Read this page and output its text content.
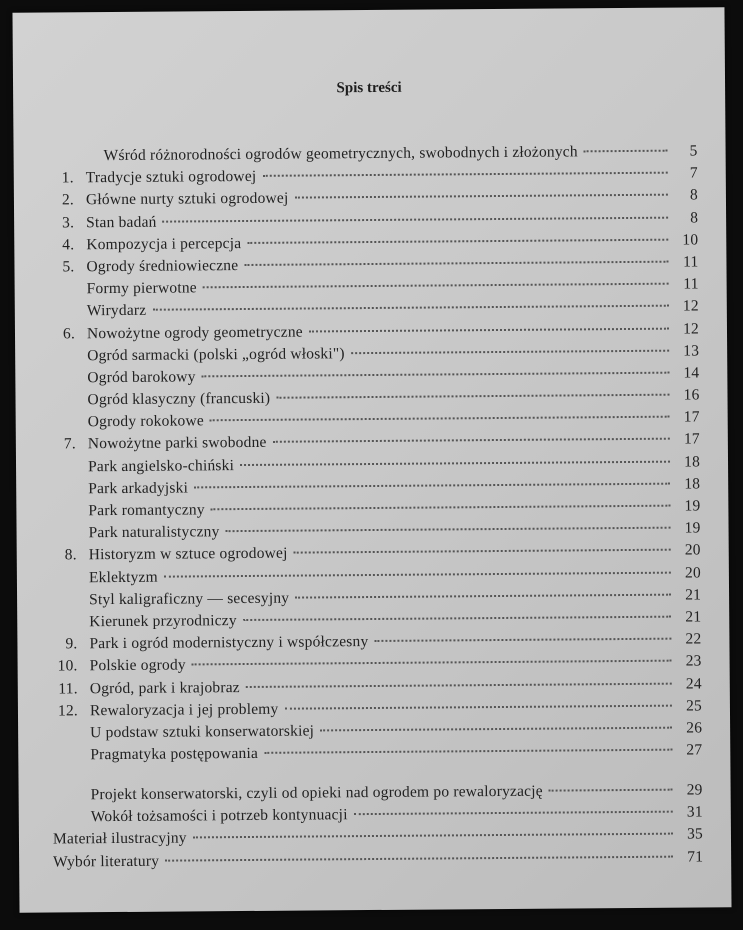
Spis treści
Wśród różnorodności ogrodów geometrycznych, swobodnych i złożonych	5
1. Tradycje sztuki ogrodowej	7
2. Główne nurty sztuki ogrodowej	8
3. Stan badań	8
4. Kompozycja i percepcja	10
5. Ogrody średniowieczne	11
Formy pierwotne	11
Wirydarz	12
6. Nowożytne ogrody geometryczne	12
Ogród sarmacki (polski „ogród włoski")	13
Ogród barokowy	14
Ogród klasyczny (francuski)	16
Ogrody rokokowe	17
7. Nowożytne parki swobodne	17
Park angielsko-chiński	18
Park arkadyjski	18
Park romantyczny	19
Park naturalistyczny	19
8. Historyzm w sztuce ogrodowej	20
Eklektyzm	20
Styl kaligraficzny — secesyjny	21
Kierunek przyrodniczy	21
9. Park i ogród modernistyczny i współczesny	22
10. Polskie ogrody	23
11. Ogród, park i krajobraz	24
12. Rewaloryzacja i jej problemy	25
U podstaw sztuki konserwatorskiej	26
Pragmatyka postępowania	27
Projekt konserwatorski, czyli od opieki nad ogrodem po rewaloryzację	29
Wokół tożsamości i potrzeb kontynuacji	31
Materiał ilustracyjny	35
Wybór literatury	71
